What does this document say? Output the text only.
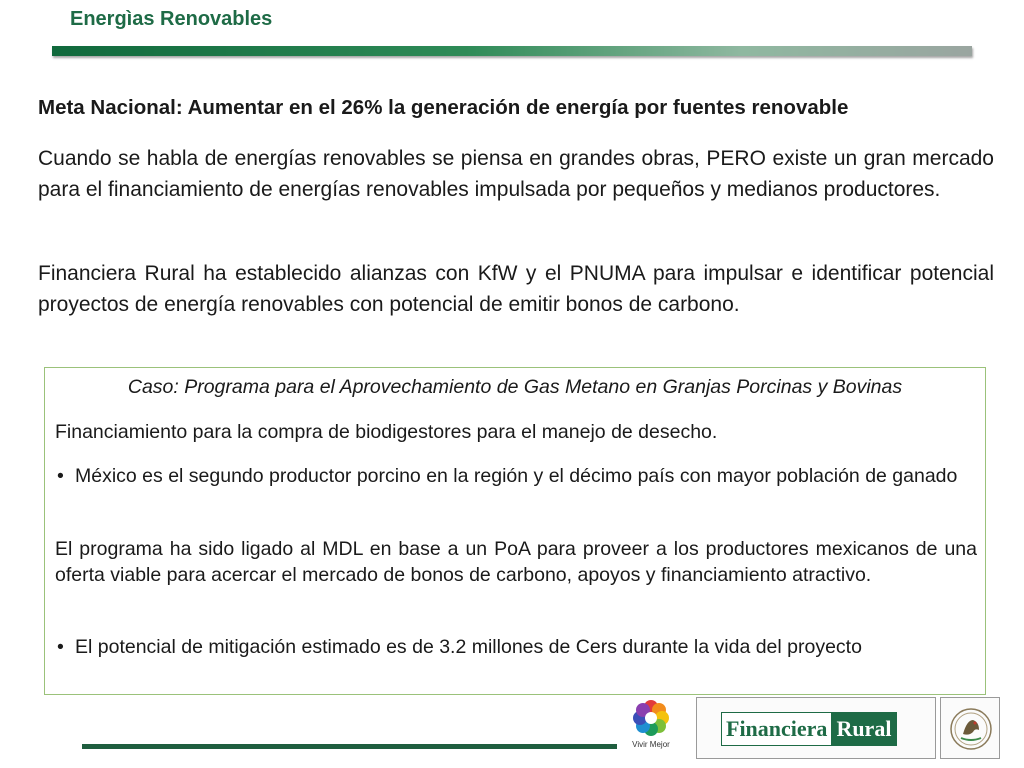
Energìas Renovables

Meta Nacional: Aumentar en el 26% la generación de energía por fuentes renovable

Cuando se habla de energías renovables se piensa en grandes obras, PERO existe un gran mercado para el financiamiento de energías renovables impulsada por pequeños y medianos productores.

Financiera Rural ha establecido alianzas con KfW y el PNUMA para impulsar e identificar potencial proyectos de energía renovables con potencial de emitir bonos de carbono.

Caso: Programa para el Aprovechamiento de Gas Metano en Granjas Porcinas y Bovinas

Financiamiento para la compra de biodigestores para el manejo de desecho.

• México es el segundo productor porcino en la región y el décimo país con mayor población de ganado

El programa ha sido ligado al MDL en base a un PoA para proveer a los productores mexicanos de una oferta viable para acercar el mercado de bonos de carbono, apoyos y financiamiento atractivo.

• El potencial de mitigación estimado es de 3.2 millones de Cers durante la vida del proyecto
Vivir Mejor
Financiera Rural
